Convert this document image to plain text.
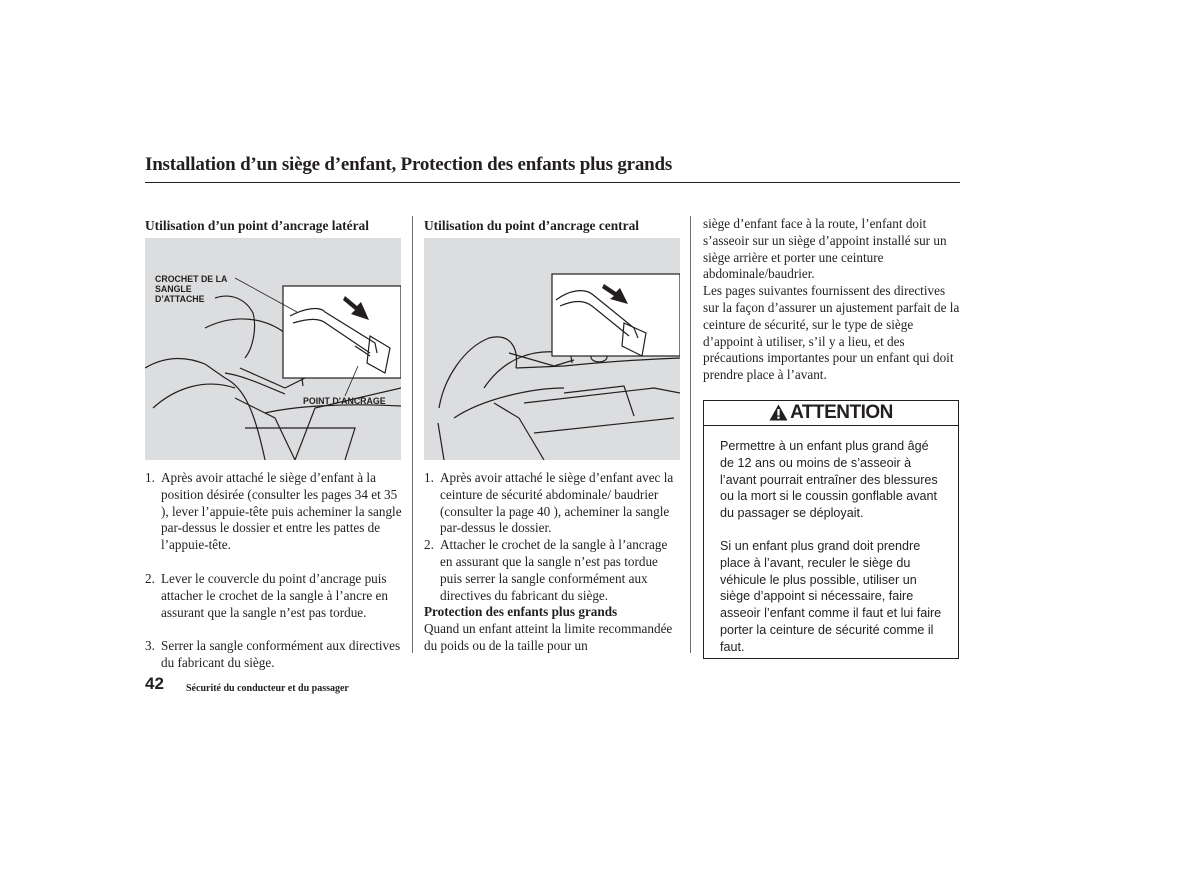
Installation d’un siège d’enfant, Protection des enfants plus grands
Utilisation d’un point d’ancrage latéral
CROCHET DE LA
SANGLE
D’ATTACHE
POINT D’ANCRAGE
1. Après avoir attaché le siège d’enfant à la position désirée (consulter les pages 34 et 35 ), lever l’appuie-tête puis acheminer la sangle par-dessus le dossier et entre les pattes de l’appuie-tête.
2. Lever le couvercle du point d’ancrage puis attacher le crochet de la sangle à l’ancre en assurant que la sangle n’est pas tordue.
3. Serrer la sangle conformément aux directives du fabricant du siège.
Utilisation du point d’ancrage central
1. Après avoir attaché le siège d’enfant avec la ceinture de sécurité abdominale/ baudrier (consulter la page 40 ), acheminer la sangle par-dessus le dossier.
2. Attacher le crochet de la sangle à l’ancrage en assurant que la sangle n’est pas tordue puis serrer la sangle conformément aux directives du fabricant du siège.

Protection des enfants plus grands

Quand un enfant atteint la limite recommandée du poids ou de la taille pour un

siège d’enfant face à la route, l’enfant doit s’asseoir sur un siège d’appoint installé sur un siège arrière et porter une ceinture abdominale/baudrier.

Les pages suivantes fournissent des directives sur la façon d’assurer un ajustement parfait de la ceinture de sécurité, sur le type de siège d’appoint à utiliser, s’il y a lieu, et des précautions importantes pour un enfant qui doit prendre place à l’avant.

ATTENTION

Permettre à un enfant plus grand âgé de 12 ans ou moins de s’asseoir à l’avant pourrait entraîner des blessures ou la mort si le coussin gonflable avant du passager se déployait.

Si un enfant plus grand doit prendre place à l’avant, reculer le siège du véhicule le plus possible, utiliser un siège d’appoint si nécessaire, faire asseoir l’enfant comme il faut et lui faire porter la ceinture de sécurité comme il faut.

42 Sécurité du conducteur et du passager
